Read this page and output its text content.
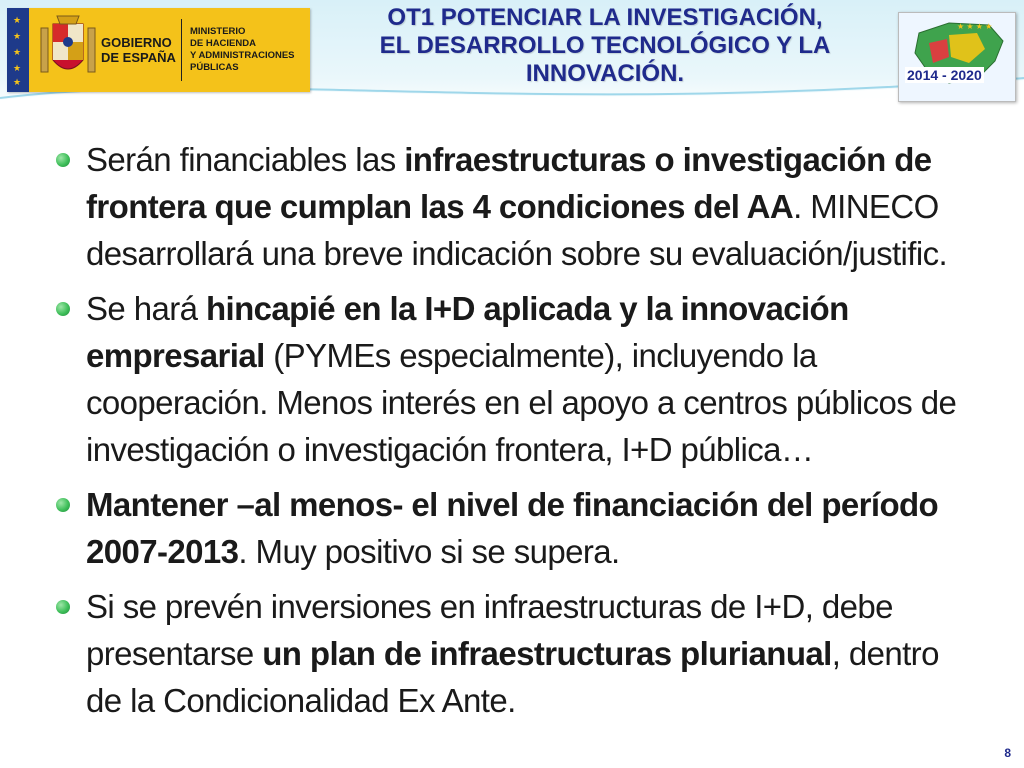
★
★
★
★
★
GOBIERNO
DE ESPAÑA
MINISTERIO
DE HACIENDA
Y ADMINISTRACIONES
PÚBLICAS
OT1 POTENCIAR LA INVESTIGACIÓN,
EL DESARROLLO TECNOLÓGICO Y LA
INNOVACIÓN.
★ ★ ★ ★
2014 - 2020
Serán financiables las infraestructuras o investigación de frontera que cumplan las 4 condiciones del AA. MINECO desarrollará una breve indicación sobre su evaluación/justific.
Se hará hincapié en la I+D aplicada y la innovación empresarial (PYMEs especialmente), incluyendo la cooperación. Menos interés en el apoyo a centros públicos de investigación o investigación frontera, I+D pública…
Mantener –al menos- el nivel de financiación del período 2007-2013. Muy positivo si se supera.
Si se prevén inversiones en infraestructuras de I+D, debe presentarse un plan de infraestructuras plurianual, dentro de la Condicionalidad Ex Ante.
8
